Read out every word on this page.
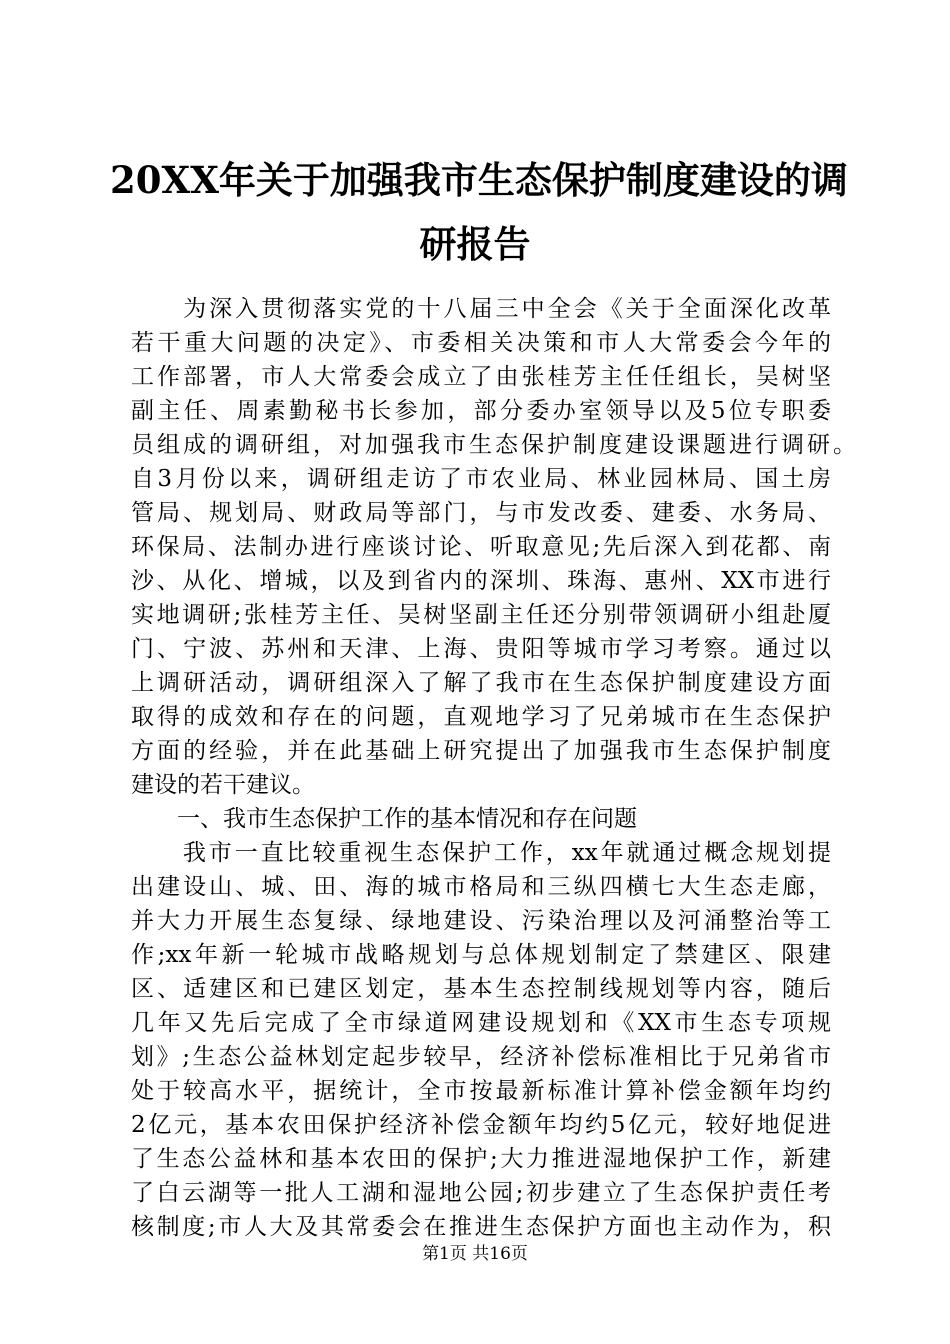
20XX年关于加强我市生态保护制度建设的调
研报告
　　为深入贯彻落实党的十八届三中全会《关于全面深化改革
若干重大问题的决定》、市委相关决策和市人大常委会今年的
工作部署，市人大常委会成立了由张桂芳主任任组长，吴树坚
副主任、周素勤秘书长参加，部分委办室领导以及5位专职委
员组成的调研组，对加强我市生态保护制度建设课题进行调研。
自3月份以来，调研组走访了市农业局、林业园林局、国土房
管局、规划局、财政局等部门，与市发改委、建委、水务局、
环保局、法制办进行座谈讨论、听取意见;先后深入到花都、南
沙、从化、增城，以及到省内的深圳、珠海、惠州、XX市进行
实地调研;张桂芳主任、吴树坚副主任还分别带领调研小组赴厦
门、宁波、苏州和天津、上海、贵阳等城市学习考察。通过以
上调研活动，调研组深入了解了我市在生态保护制度建设方面
取得的成效和存在的问题，直观地学习了兄弟城市在生态保护
方面的经验，并在此基础上研究提出了加强我市生态保护制度
建设的若干建议。
　　一、我市生态保护工作的基本情况和存在问题
　　我市一直比较重视生态保护工作，xx年就通过概念规划提
出建设山、城、田、海的城市格局和三纵四横七大生态走廊，
并大力开展生态复绿、绿地建设、污染治理以及河涌整治等工
作;xx年新一轮城市战略规划与总体规划制定了禁建区、限建
区、适建区和已建区划定，基本生态控制线规划等内容，随后
几年又先后完成了全市绿道网建设规划和《XX市生态专项规
划》;生态公益林划定起步较早，经济补偿标准相比于兄弟省市
处于较高水平，据统计，全市按最新标准计算补偿金额年均约
2亿元，基本农田保护经济补偿金额年均约5亿元，较好地促进
了生态公益林和基本农田的保护;大力推进湿地保护工作，新建
了白云湖等一批人工湖和湿地公园;初步建立了生态保护责任考
核制度;市人大及其常委会在推进生态保护方面也主动作为，积
第1页 共16页
